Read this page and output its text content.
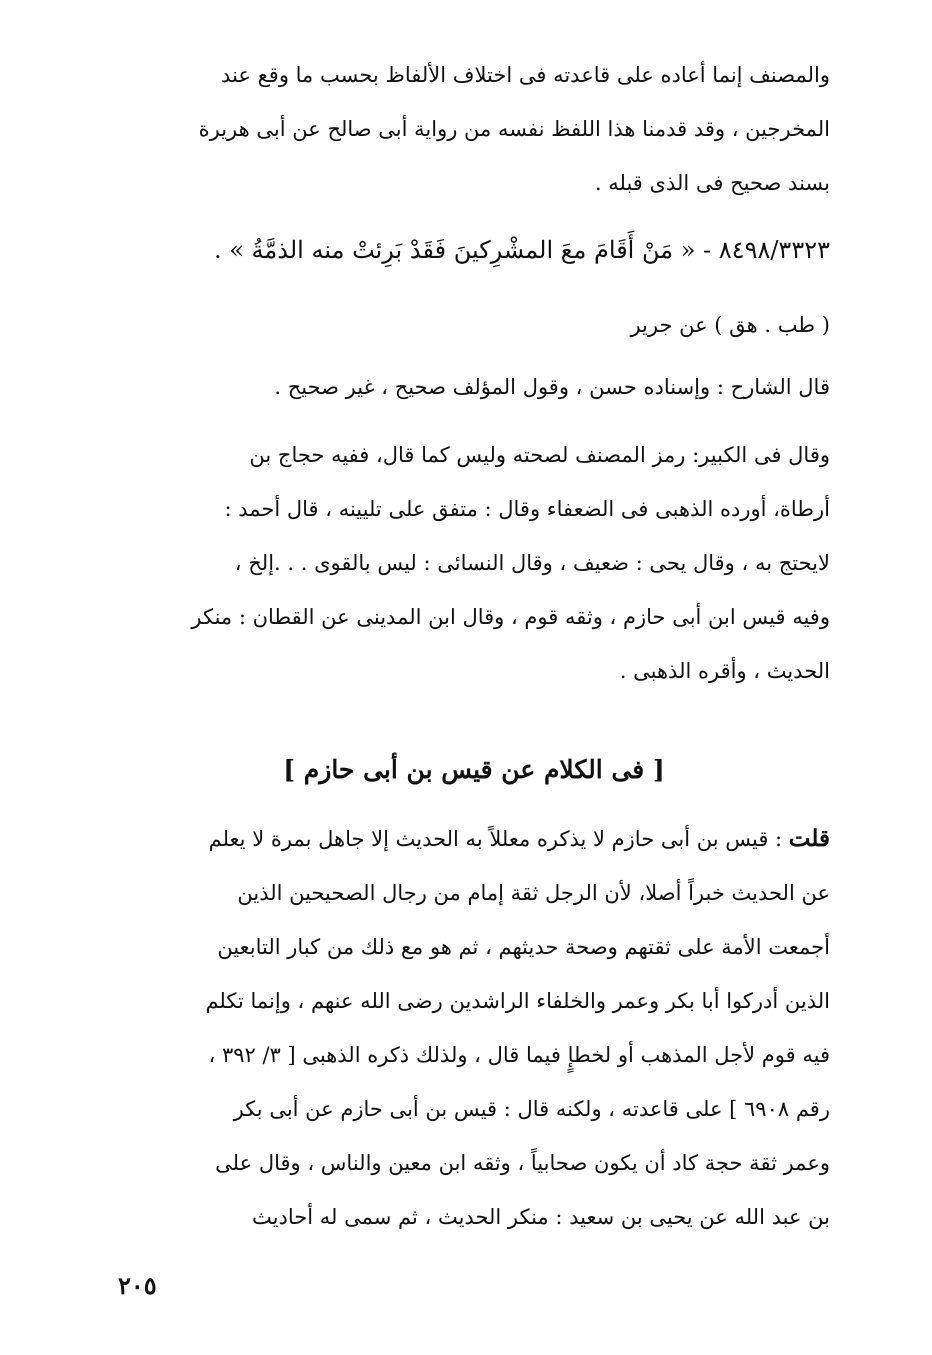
والمصنف إنما أعاده على قاعدته فى اختلاف الألفاظ بحسب ما وقع عند
المخرجين ، وقد قدمنا هذا اللفظ نفسه من رواية أبى صالح عن أبى هريرة
بسند صحيح فى الذى قبله .
٨٤٩٨/٣٣٢٣ - « مَنْ أَقَامَ معَ المشْرِكينَ فَقَدْ بَرِئتْ منه الذمَّةُ » .
( طب . هق ) عن جرير
قال الشارح : وإسناده حسن ، وقول المؤلف صحيح ، غير صحيح .
وقال فى الكبير: رمز المصنف لصحته وليس كما قال، ففيه حجاج بن
أرطاة، أورده الذهبى فى الضعفاء وقال : متفق على تليينه ، قال أحمد :
لايحتج به ، وقال يحى : ضعيف ، وقال النسائى : ليس بالقوى . . .إلخ ،
وفيه قيس ابن أبى حازم ، وثقه قوم ، وقال ابن المدينى عن القطان : منكر
الحديث ، وأقره الذهبى .
[ فى الكلام عن قيس بن أبى حازم ]
قلت : قيس بن أبى حازم لا يذكره معللاً به الحديث إلا جاهل بمرة لا يعلم
عن الحديث خبراً أصلا، لأن الرجل ثقة إمام من رجال الصحيحين الذين
أجمعت الأمة على ثقتهم وصحة حديثهم ، ثم هو مع ذلك من كبار التابعين
الذين أدركوا أبا بكر وعمر والخلفاء الراشدين رضى الله عنهم ، وإنما تكلم
فيه قوم لأجل المذهب أو لخطإٍ فيما قال ، ولذلك ذكره الذهبى [ ٣/ ٣٩٢ ،
رقم ٦٩٠٨ ] على قاعدته ، ولكنه قال : قيس بن أبى حازم عن أبى بكر
وعمر ثقة حجة كاد أن يكون صحابياً ، وثقه ابن معين والناس ، وقال على
بن عبد الله عن يحيى بن سعيد : منكر الحديث ، ثم سمى له أحاديث
٢٠٥
